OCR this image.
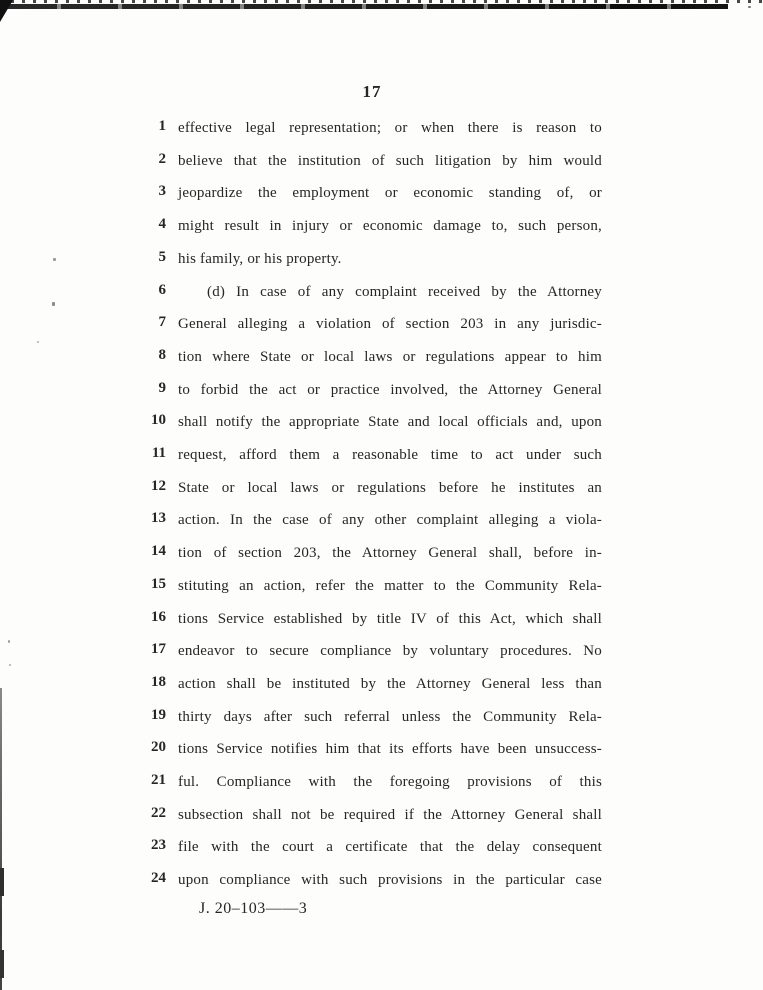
17
1 effective legal representation; or when there is reason to
2 believe that the institution of such litigation by him would
3 jeopardize the employment or economic standing of, or
4 might result in injury or economic damage to, such person,
5 his family, or his property.
6	(d) In case of any complaint received by the Attorney
7 General alleging a violation of section 203 in any jurisdic-
8 tion where State or local laws or regulations appear to him
9 to forbid the act or practice involved, the Attorney General
10 shall notify the appropriate State and local officials and, upon
11 request, afford them a reasonable time to act under such
12 State or local laws or regulations before he institutes an
13 action. In the case of any other complaint alleging a viola-
14 tion of section 203, the Attorney General shall, before in-
15 stituting an action, refer the matter to the Community Rela-
16 tions Service established by title IV of this Act, which shall
17 endeavor to secure compliance by voluntary procedures. No
18 action shall be instituted by the Attorney General less than
19 thirty days after such referral unless the Community Rela-
20 tions Service notifies him that its efforts have been unsuccess-
21 ful. Compliance with the foregoing provisions of this
22 subsection shall not be required if the Attorney General shall
23 file with the court a certificate that the delay consequent
24 upon compliance with such provisions in the particular case
J. 20–103——3
